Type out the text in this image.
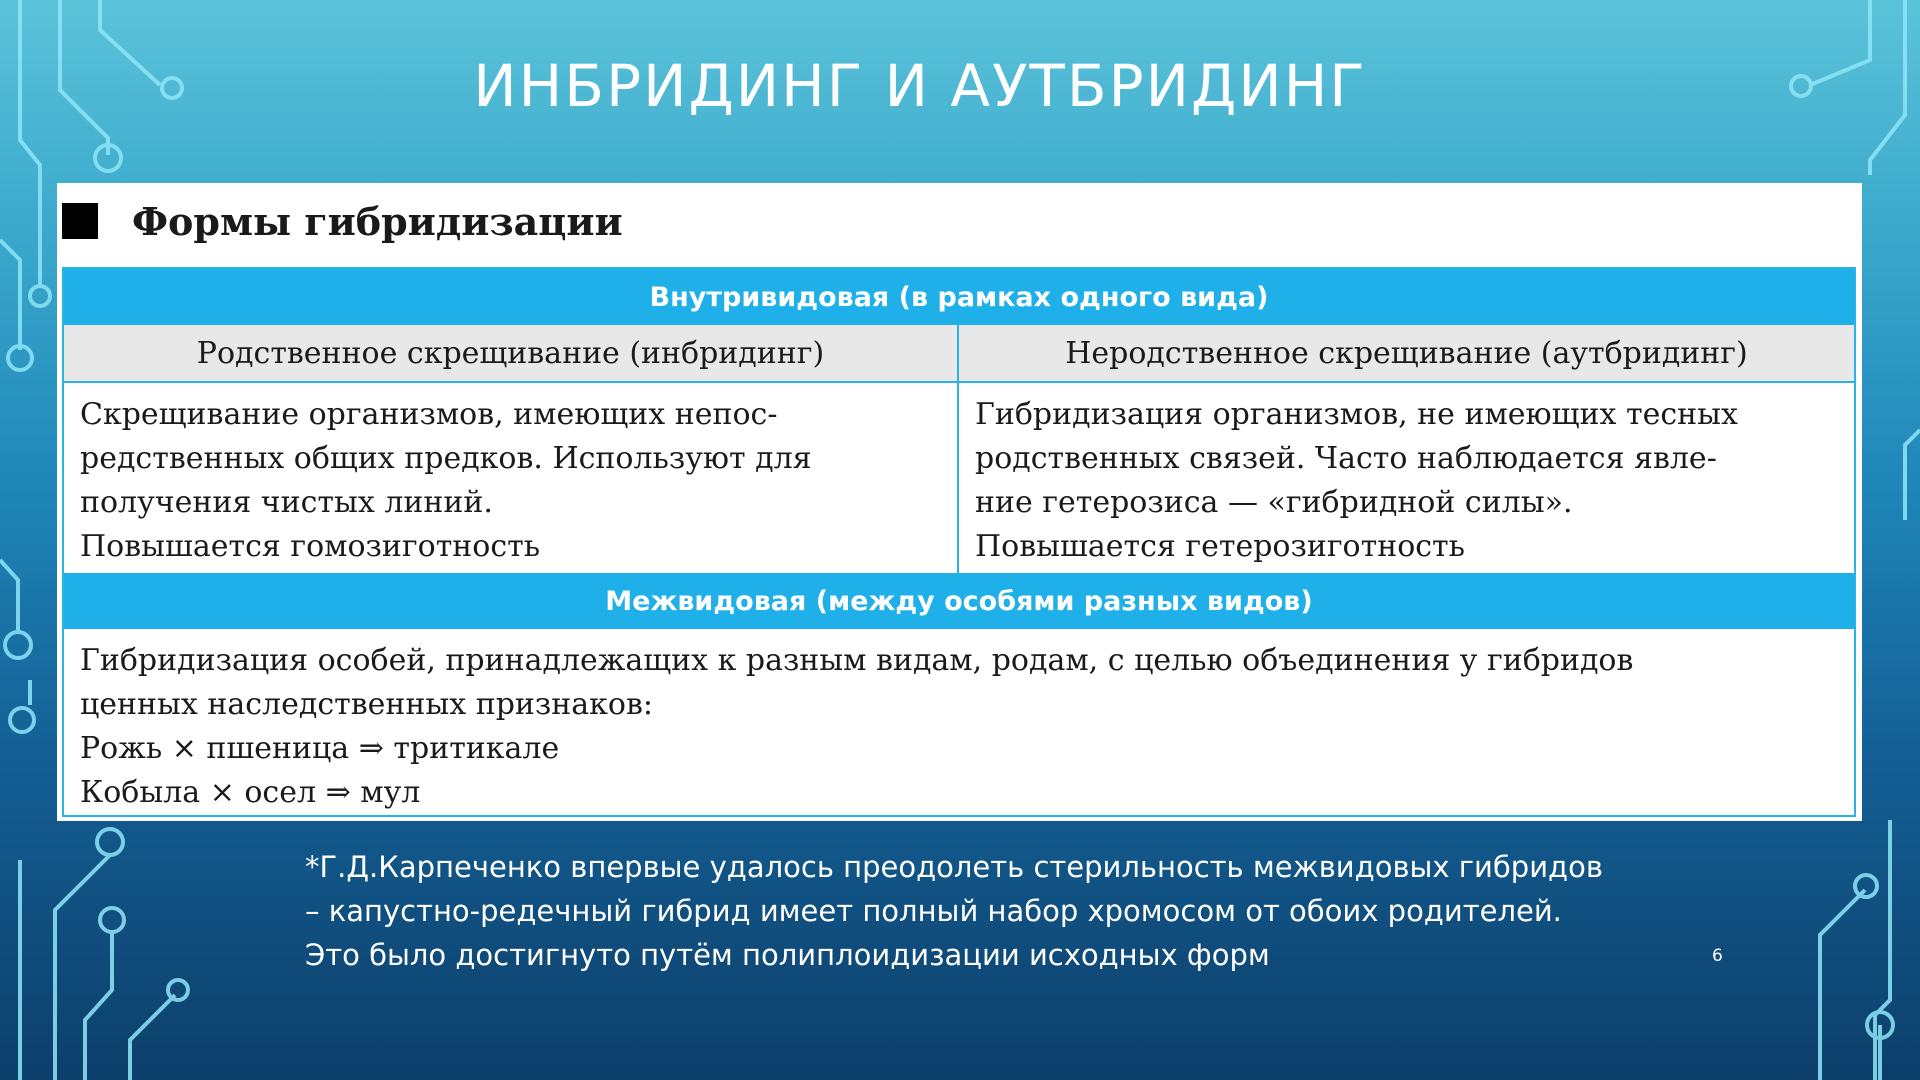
ИНБРИДИНГ И АУТБРИДИНГ
Формы гибридизации
Внутривидовая (в рамках одного вида)
Родственное скрещивание (инбридинг)	Неродственное скрещивание (аутбридинг)
Скрещивание организмов, имеющих непос-
редственных общих предков. Используют для
получения чистых линий.
Повышается гомозиготность
Гибридизация организмов, не имеющих тесных
родственных связей. Часто наблюдается явле-
ние гетерозиса — «гибридной силы».
Повышается гетерозиготность
Межвидовая (между особями разных видов)
Гибридизация особей, принадлежащих к разным видам, родам, с целью объединения у гибридов
ценных наследственных признаков:
Рожь × пшеница ⇒ тритикале
Кобыла × осел ⇒ мул
*Г.Д.Карпеченко впервые удалось преодолеть стерильность межвидовых гибридов
– капустно-редечный гибрид имеет полный набор хромосом от обоих родителей.
Это было достигнуто путём полиплоидизации исходных форм	6
